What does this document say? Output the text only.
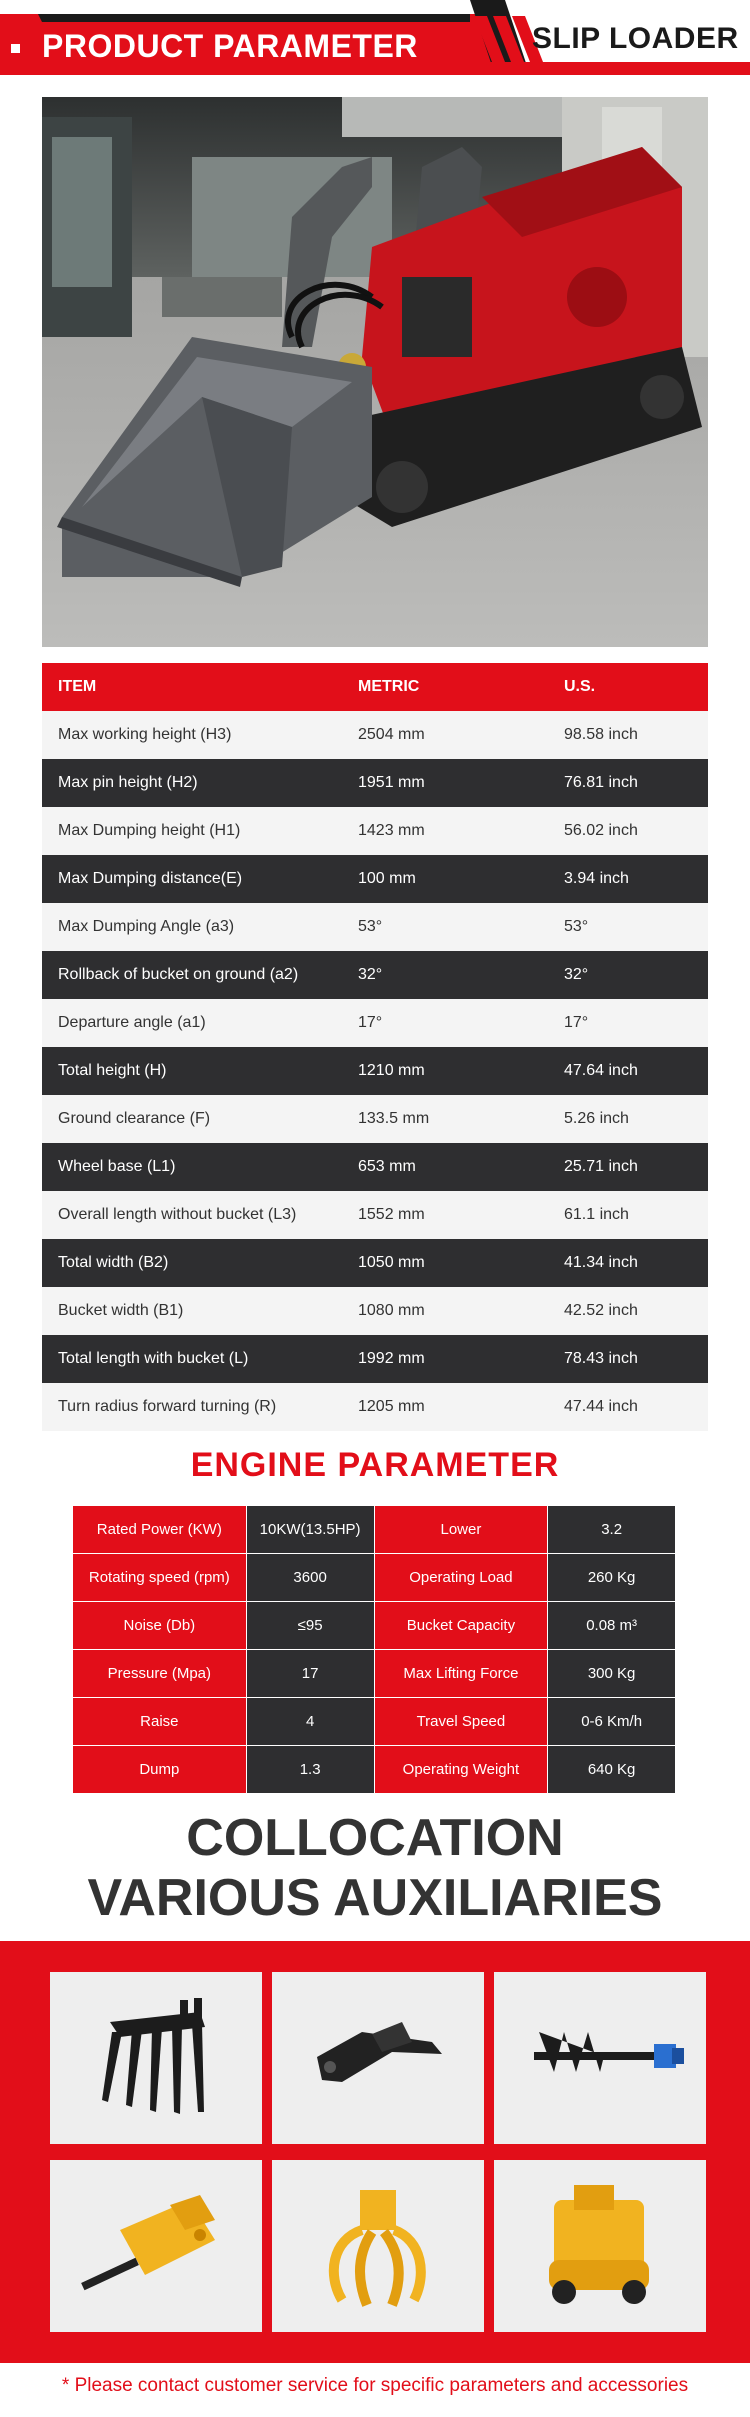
PRODUCT PARAMETER	SLIP LOADER
ITEM	METRIC	U.S.
Max working height (H3)	2504 mm	98.58 inch
Max pin height (H2)	1951 mm	76.81 inch
Max Dumping height (H1)	1423 mm	56.02 inch
Max Dumping distance(E)	100 mm	3.94 inch
Max Dumping Angle (a3)	53°	53°
Rollback of bucket on ground (a2)	32°	32°
Departure angle (a1)	17°	17°
Total height (H)	1210 mm	47.64 inch
Ground clearance (F)	133.5 mm	5.26 inch
Wheel base (L1)	653 mm	25.71 inch
Overall length without bucket (L3)	1552 mm	61.1 inch
Total width (B2)	1050 mm	41.34 inch
Bucket width (B1)	1080 mm	42.52 inch
Total length with bucket (L)	1992 mm	78.43 inch
Turn radius forward turning (R)	1205 mm	47.44 inch
ENGINE PARAMETER
Rated Power (KW)	10KW(13.5HP)	Lower	3.2
Rotating speed (rpm)	3600	Operating Load	260 Kg
Noise (Db)	≤95	Bucket Capacity	0.08 m³
Pressure (Mpa)	17	Max Lifting Force	300 Kg
Raise	4	Travel Speed	0-6 Km/h
Dump	1.3	Operating Weight	640 Kg
COLLOCATION
VARIOUS AUXILIARIES
* Please contact customer service for specific parameters and accessories
